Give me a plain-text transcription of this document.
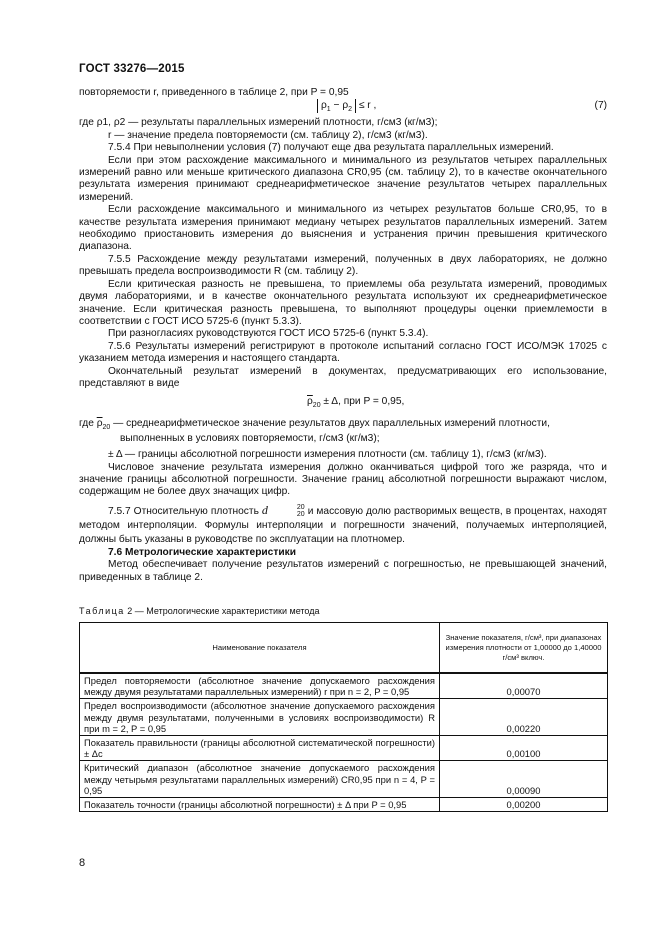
ГОСТ 33276—2015

повторяемости r, приведенного в таблице 2, при P = 0,95

$\rho_1 - \rho_2 \le r$ ,	(7)

где ρ1, ρ2 — результаты параллельных измерений плотности, г/см3 (кг/м3);

r — значение предела повторяемости (см. таблицу 2), г/см3 (кг/м3).

7.5.4 При невыполнении условия (7) получают еще два результата параллельных измерений.

Если при этом расхождение максимального и минимального из результатов четырех параллельных измерений равно или меньше критического диапазона CR0,95 (см. таблицу 2), то в качестве окончательного результата измерения принимают среднеарифметическое значение результатов четырех параллельных измерений.

Если расхождение максимального и минимального из четырех результатов больше CR0,95, то в качестве результата измерения принимают медиану четырех результатов параллельных измерений. Затем необходимо приостановить измерения до выяснения и устранения причин превышения критического диапазона.

7.5.5 Расхождение между результатами измерений, полученных в двух лабораториях, не должно превышать предела воспроизводимости R (см. таблицу 2).

Если критическая разность не превышена, то приемлемы оба результата измерений, проводимых двумя лабораториями, и в качестве окончательного результата используют их среднеарифметическое значение. Если критическая разность превышена, то выполняют процедуры оценки приемлемости в соответствии с ГОСТ ИСО 5725-6 (пункт 5.3.3).

При разногласиях руководствуются ГОСТ ИСО 5725-6 (пункт 5.3.4).

7.5.6 Результаты измерений регистрируют в протоколе испытаний согласно ГОСТ ИСО/МЭК 17025 с указанием метода измерения и настоящего стандарта.

Окончательный результат измерений в документах, предусматривающих его использование, представляют в виде

$\overline{\rho}_{20} \pm \Delta$, при P = 0,95,

где $\overline{\rho}_{20}$ — среднеарифметическое значение результатов двух параллельных измерений плотности,

выполненных в условиях повторяемости, г/см3 (кг/м3);

± Δ — границы абсолютной погрешности измерения плотности (см. таблицу 1), г/см3 (кг/м3).

Числовое значение результата измерения должно оканчиваться цифрой того же разряда, что и значение границы абсолютной погрешности. Значение границ абсолютной погрешности выражают числом, содержащим не более двух значащих цифр.

7.5.7 Относительную плотность d	20
20 и массовую долю растворимых веществ, в процентах, находят методом интерполяции. Формулы интерполяции и погрешности значений, получаемых интерполяцией, должны быть указаны в руководстве по эксплуатации на плотномер.

7.6 Метрологические характеристики

Метод обеспечивает получение результатов измерений с погрешностью, не превышающей значений, приведенных в таблице 2.

Таблица 2 — Метрологические характеристики метода
Наименование показателя	Значение показателя, г/см³, при диапазонах измерения плотности от 1,00000 до 1,40000 г/см³ включ.
Предел повторяемости (абсолютное значение допускаемого расхождения между двумя результатами параллельных измерений) r при n = 2, P = 0,95	0,00070
Предел воспроизводимости (абсолютное значение допускаемого расхождения между двумя результатами, полученными в условиях воспроизводимости) R при m = 2, P = 0,95	0,00220
Показатель правильности (границы абсолютной систематической погрешности) ± Δc	0,00100
Критический диапазон (абсолютное значение допускаемого расхождения между четырьмя результатами параллельных измерений) CR0,95 при n = 4, P = 0,95	0,00090
Показатель точности (границы абсолютной погрешности) ± Δ при P = 0,95	0,00200
8
